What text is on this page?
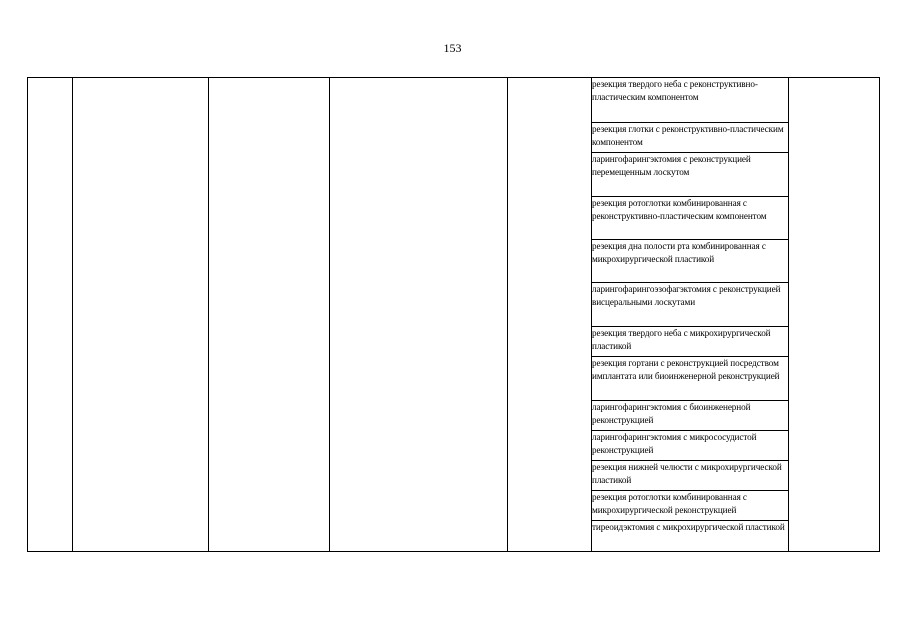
153
					резекция твердого неба с реконструктивно-пластическим компонентом	
резекция глотки с реконструктивно-пластическим компонентом
ларингофарингэктомия с реконструкцией перемещенным лоскутом
резекция ротоглотки комбинированная с реконструктивно-пластическим компонентом
резекция дна полости рта комбинированная с микрохирургической пластикой
ларингофарингоэзофагэктомия с реконструкцией висцеральными лоскутами
резекция твердого неба с микрохирургической пластикой
резекция гортани с реконструкцией посредством имплантата или биоинженерной реконструкцией
ларингофарингэктомия с биоинженерной реконструкцией
ларингофарингэктомия с микрососудистой реконструкцией
резекция нижней челюсти с микрохирургической пластикой
резекция ротоглотки комбинированная с микрохирургической реконструкцией
тиреоидэктомия с микрохирургической пластикой
